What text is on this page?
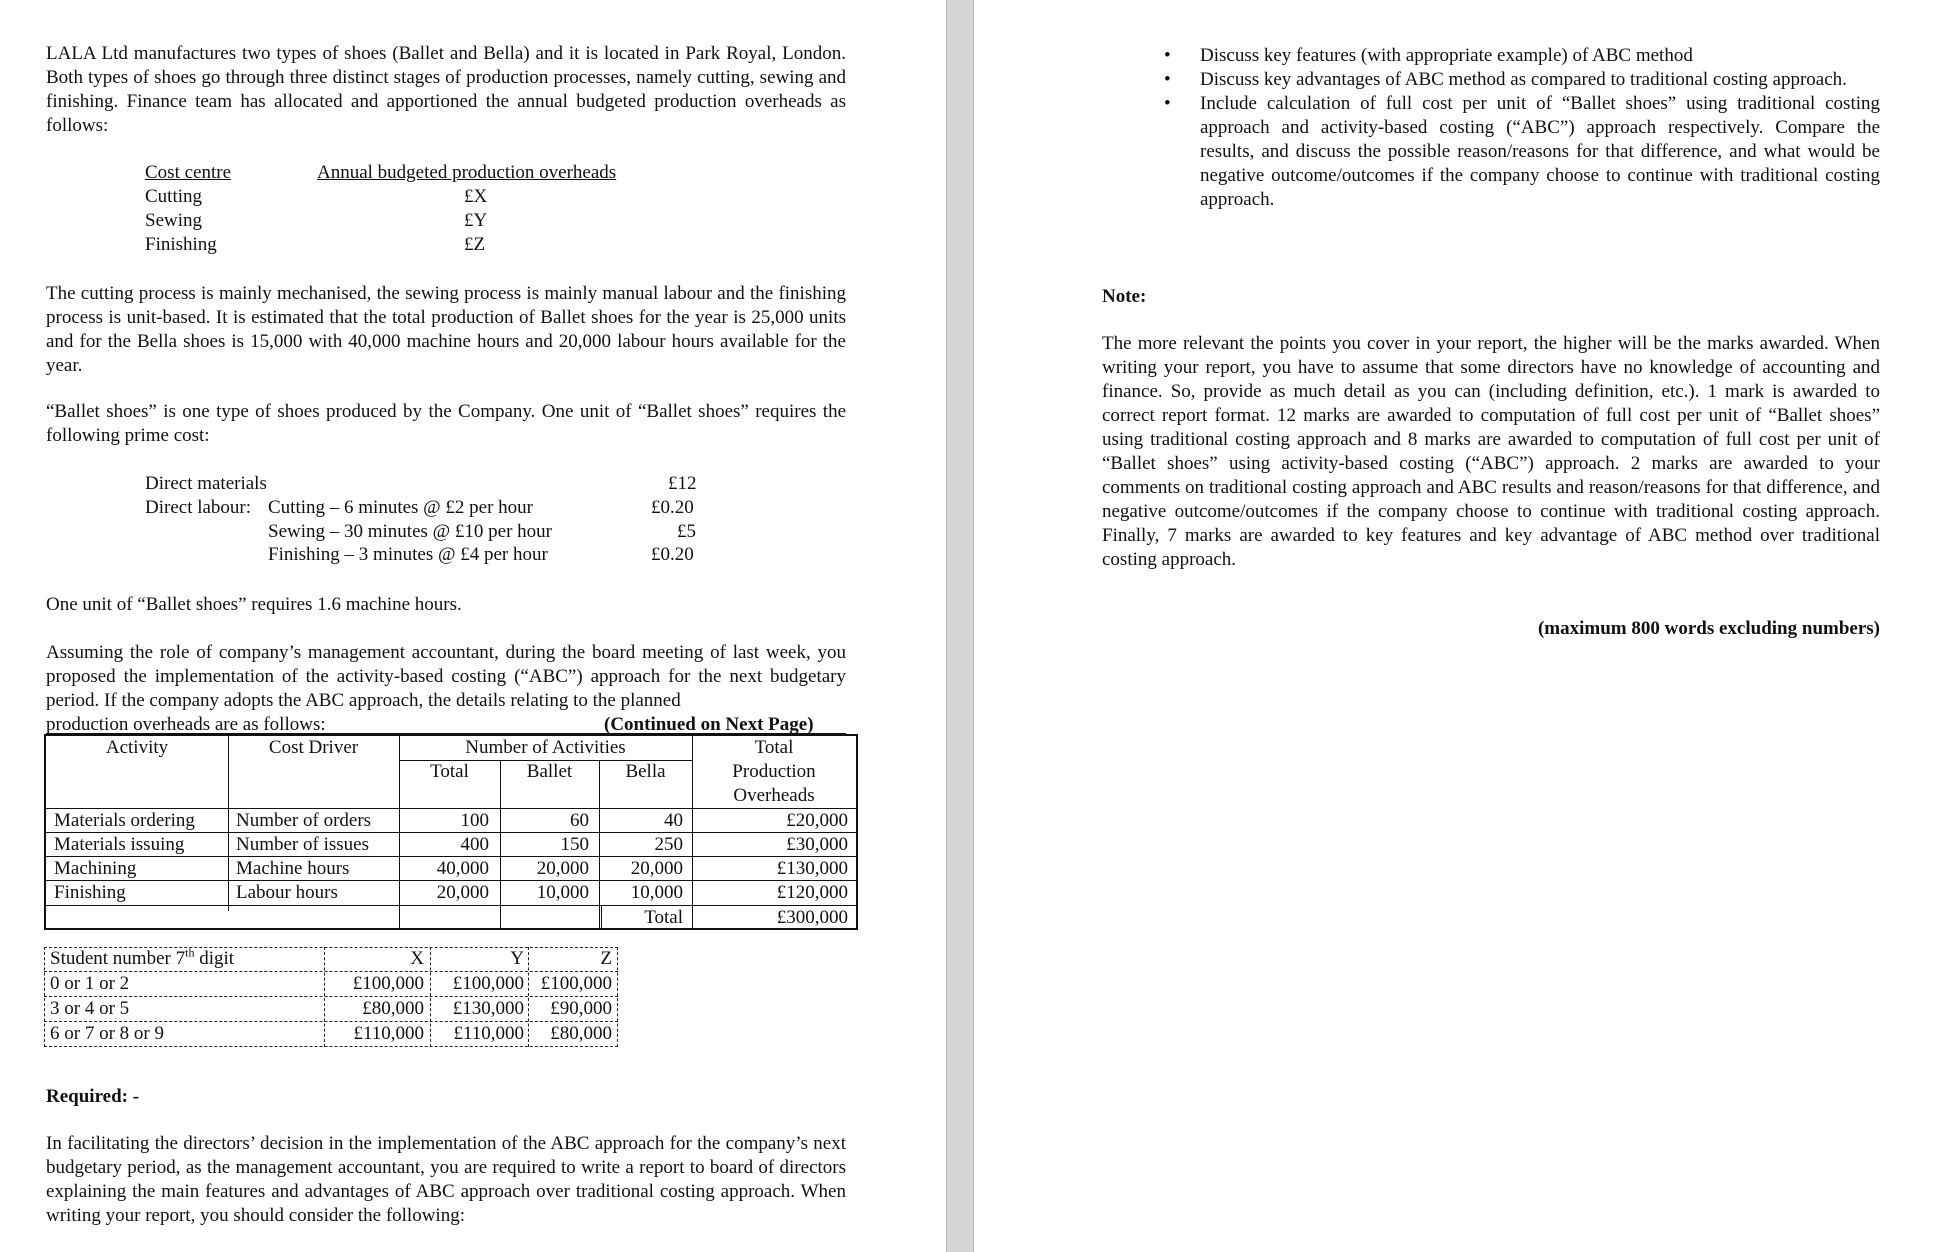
LALA Ltd manufactures two types of shoes (Ballet and Bella) and it is located in Park Royal, London. Both types of shoes go through three distinct stages of production processes, namely cutting, sewing and finishing. Finance team has allocated and apportioned the annual budgeted production overheads as follows:

Cost centre	Annual budgeted production overheads
Cutting	£X
Sewing	£Y
Finishing	£Z

The cutting process is mainly mechanised, the sewing process is mainly manual labour and the finishing process is unit-based. It is estimated that the total production of Ballet shoes for the year is 25,000 units and for the Bella shoes is 15,000 with 40,000 machine hours and 20,000 labour hours available for the year.

“Ballet shoes” is one type of shoes produced by the Company. One unit of “Ballet shoes” requires the following prime cost:

Direct materials	£12
Direct labour: Cutting – 6 minutes @ £2 per hour	£0.20
Sewing – 30 minutes @ £10 per hour	£5
Finishing – 3 minutes @ £4 per hour	£0.20

One unit of “Ballet shoes” requires 1.6 machine hours.

Assuming the role of company’s management accountant, during the board meeting of last week, you proposed the implementation of the activity-based costing (“ABC”) approach for the next budgetary period. If the company adopts the ABC approach, the details relating to the planned

production overheads are as follows:	(Continued on Next Page)
Activity	Cost Driver	Number of Activities
Total	Ballet	Bella
Total
Production
Overheads
Materials ordering Number of orders	100	60	40	£20,000
Materials issuing	Number of issues	400	150	250	£30,000
Machining	Machine hours	40,000	20,000	20,000	£130,000
Finishing	Labour hours	20,000	10,000	10,000	£120,000
Total	£300,000
Student number 7th digit	X	Y	Z
0 or 1 or 2	£100,000	£100,000 £100,000
3 or 4 or 5	£80,000	£130,000	£90,000
6 or 7 or 8 or 9	£110,000	£110,000	£80,000
Required: -

In facilitating the directors’ decision in the implementation of the ABC approach for the company’s next budgetary period, as the management accountant, you are required to write a report to board of directors explaining the main features and advantages of ABC approach over traditional costing approach. When writing your report, you should consider the following:

• Discuss key features (with appropriate example) of ABC method
• Discuss key advantages of ABC method as compared to traditional costing approach.
• Include calculation of full cost per unit of “Ballet shoes” using traditional costing approach and activity-based costing (“ABC”) approach respectively. Compare the results, and discuss the possible reason/reasons for that difference, and what would be negative outcome/outcomes if the company choose to continue with traditional costing approach.
Note:

The more relevant the points you cover in your report, the higher will be the marks awarded. When writing your report, you have to assume that some directors have no knowledge of accounting and finance. So, provide as much detail as you can (including definition, etc.). 1 mark is awarded to correct report format. 12 marks are awarded to computation of full cost per unit of “Ballet shoes” using traditional costing approach and 8 marks are awarded to computation of full cost per unit of “Ballet shoes” using activity-based costing (“ABC”) approach. 2 marks are awarded to your comments on traditional costing approach and ABC results and reason/reasons for that difference, and negative outcome/outcomes if the company choose to continue with traditional costing approach. Finally, 7 marks are awarded to key features and key advantage of ABC method over traditional costing approach.

(maximum 800 words excluding numbers)
